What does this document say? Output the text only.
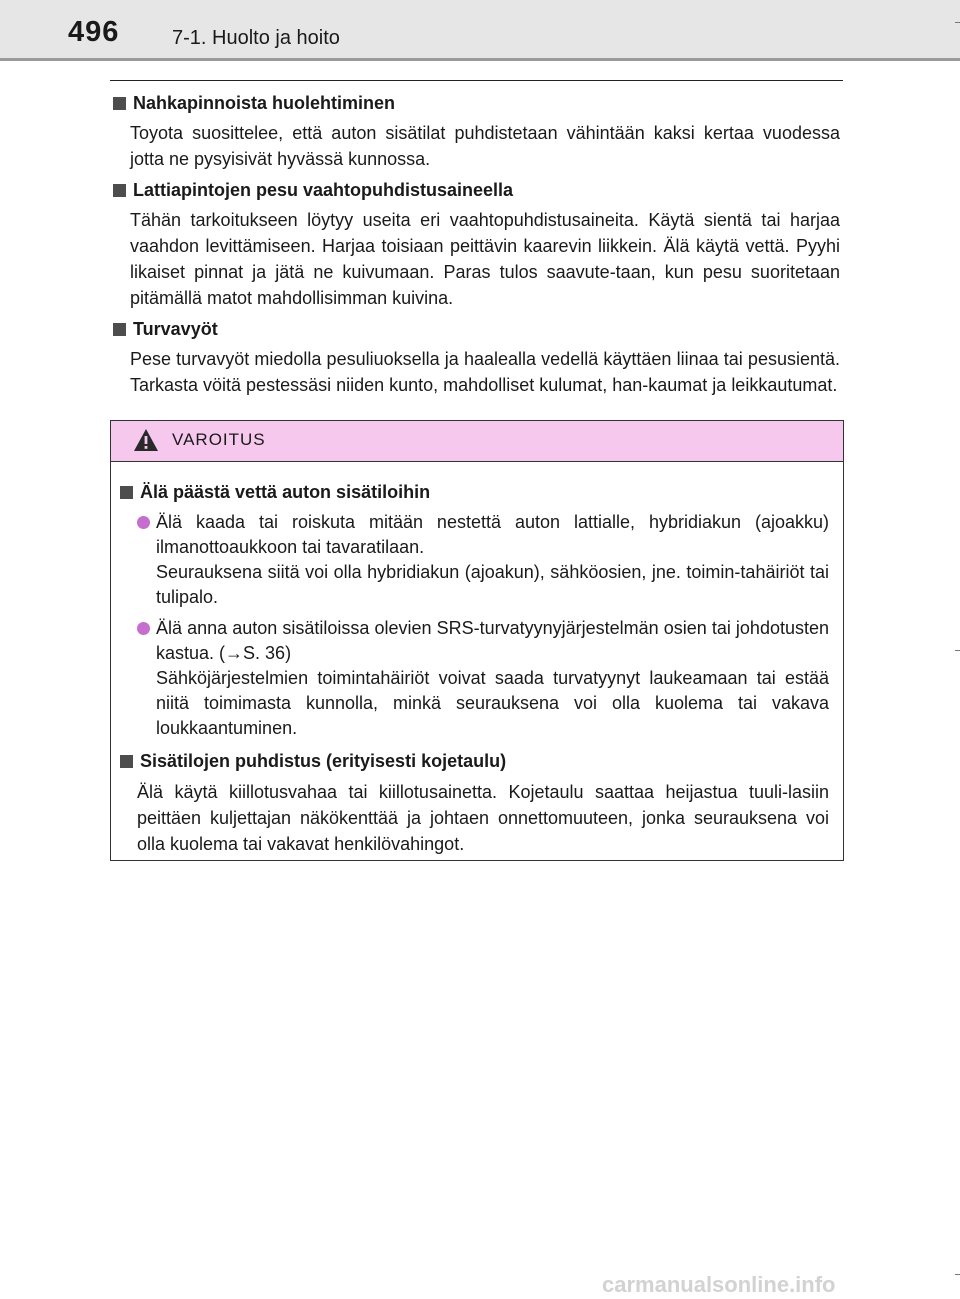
496	7-1. Huolto ja hoito
Nahkapinnoista huolehtiminen
Toyota suosittelee, että auton sisätilat puhdistetaan vähintään kaksi kertaa vuodessa jotta ne pysyisivät hyvässä kunnossa.
Lattiapintojen pesu vaahtopuhdistusaineella
Tähän tarkoitukseen löytyy useita eri vaahtopuhdistusaineita. Käytä sientä tai harjaa vaahdon levittämiseen. Harjaa toisiaan peittävin kaarevin liikkein. Älä käytä vettä. Pyyhi likaiset pinnat ja jätä ne kuivumaan. Paras tulos saavute-taan, kun pesu suoritetaan pitämällä matot mahdollisimman kuivina.
Turvavyöt
Pese turvavyöt miedolla pesuliuoksella ja haalealla vedellä käyttäen liinaa tai pesusientä. Tarkasta vöitä pestessäsi niiden kunto, mahdolliset kulumat, han-kaumat ja leikkautumat.
VAROITUS
Älä päästä vettä auton sisätiloihin
Älä kaada tai roiskuta mitään nestettä auton lattialle, hybridiakun (ajoakku) ilmanottoaukkoon tai tavaratilaan.
Seurauksena siitä voi olla hybridiakun (ajoakun), sähköosien, jne. toimin-tahäiriöt tai tulipalo.
Älä anna auton sisätiloissa olevien SRS-turvatyynyjärjestelmän osien tai johdotusten kastua. (→S. 36)
Sähköjärjestelmien toimintahäiriöt voivat saada turvatyynyt laukeamaan tai estää niitä toimimasta kunnolla, minkä seurauksena voi olla kuolema tai vakava loukkaantuminen.
Sisätilojen puhdistus (erityisesti kojetaulu)
Älä käytä kiillotusvahaa tai kiillotusainetta. Kojetaulu saattaa heijastua tuuli-lasiin peittäen kuljettajan näkökenttää ja johtaen onnettomuuteen, jonka seurauksena voi olla kuolema tai vakavat henkilövahingot.
carmanualsonline.info
